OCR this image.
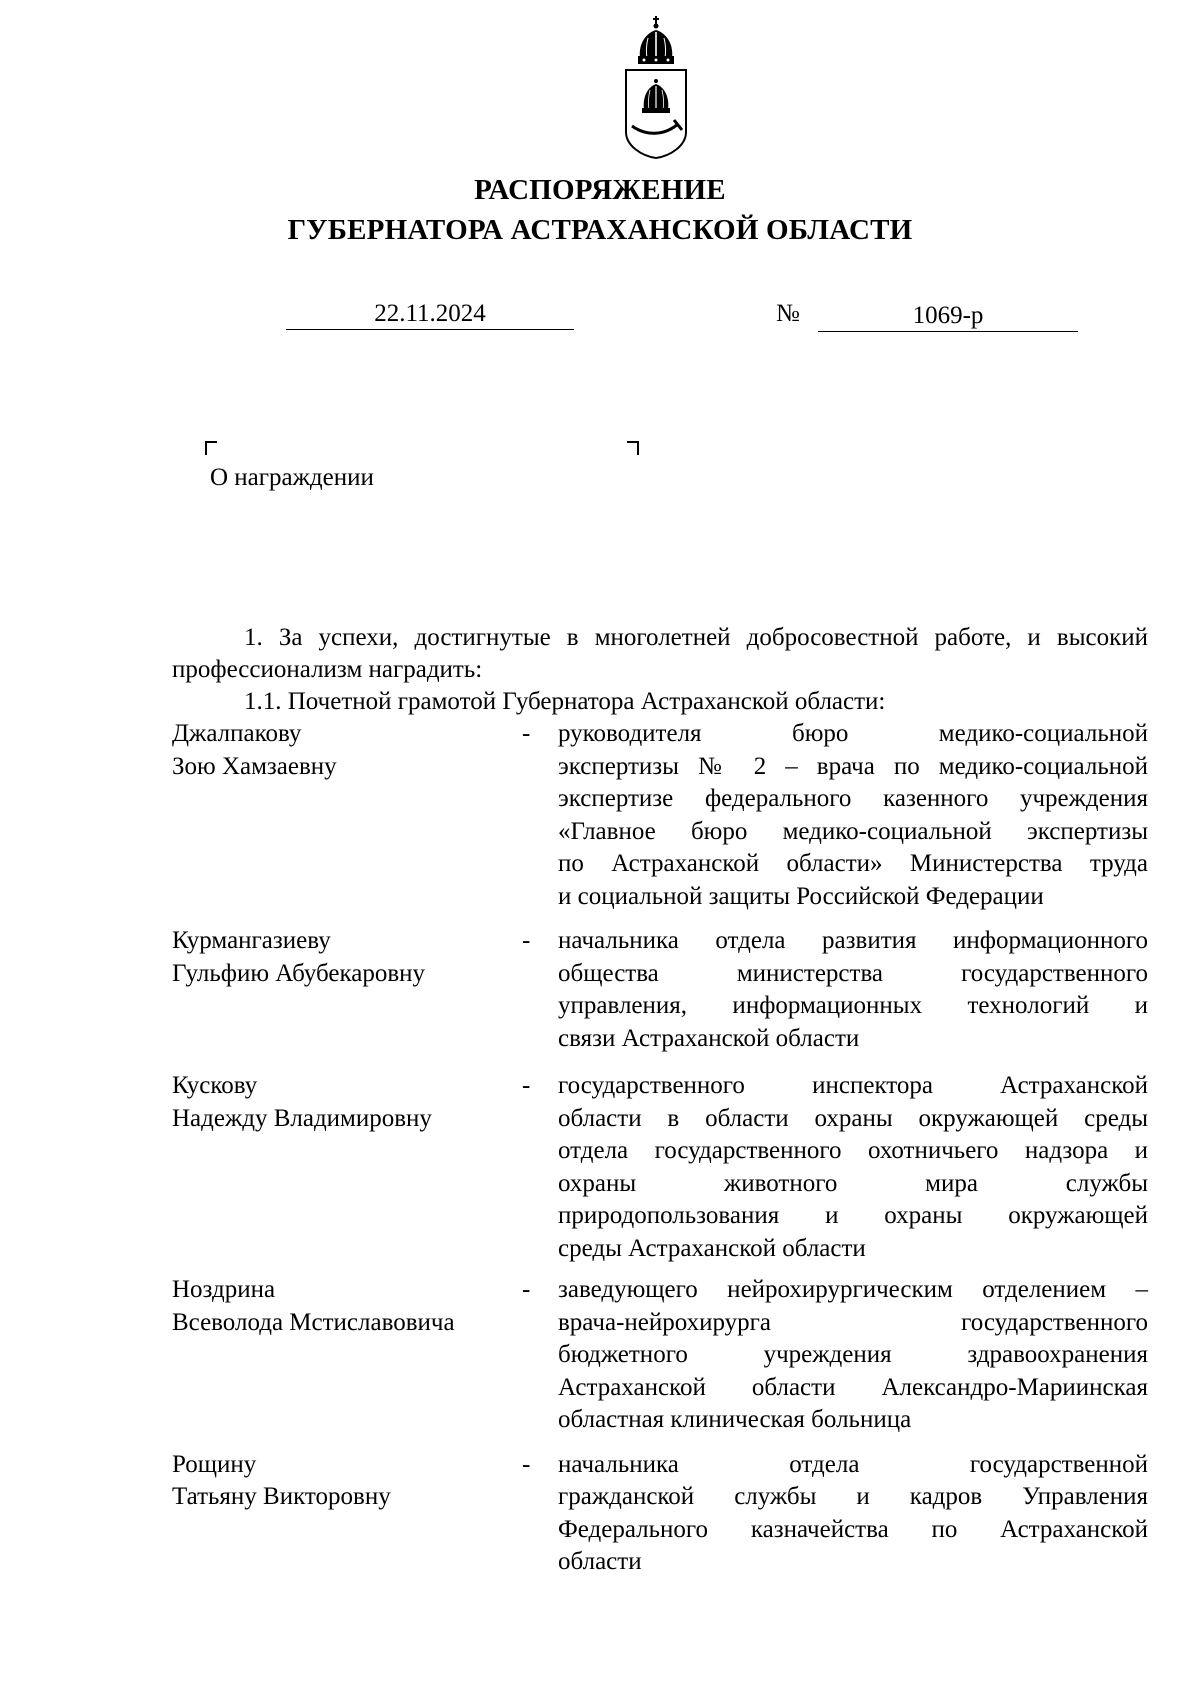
РАСПОРЯЖЕНИЕ
ГУБЕРНАТОРА АСТРАХАНСКОЙ ОБЛАСТИ
22.11.2024	№	1069-р
О награждении
1. За успехи, достигнутые в многолетней добросовестной работе, и высокий профессионализм наградить:
1.1. Почетной грамотой Губернатора Астраханской области:
Джалпакову
Зою Хамзаевну
-	руководителя бюро медико-социальной
экспертизы № 2 – врача по медико-социальной
экспертизе федерального казенного учреждения
«Главное бюро медико-социальной экспертизы
по Астраханской области» Министерства труда
и социальной защиты Российской Федерации
Курмангазиеву
Гульфию Абубекаровну
-	начальника отдела развития информационного
общества министерства государственного
управления, информационных технологий и
связи Астраханской области
Кускову
Надежду Владимировну
-	государственного инспектора Астраханской
области в области охраны окружающей среды
отдела государственного охотничьего надзора и
охраны животного мира службы
природопользования и охраны окружающей
среды Астраханской области
Ноздрина
Всеволода Мстиславовича
-	заведующего нейрохирургическим отделением –
врача-нейрохирурга государственного
бюджетного учреждения здравоохранения
Астраханской области Александро-Мариинская
областная клиническая больница
Рощину
Татьяну Викторовну
-	начальника отдела государственной
гражданской службы и кадров Управления
Федерального казначейства по Астраханской
области
